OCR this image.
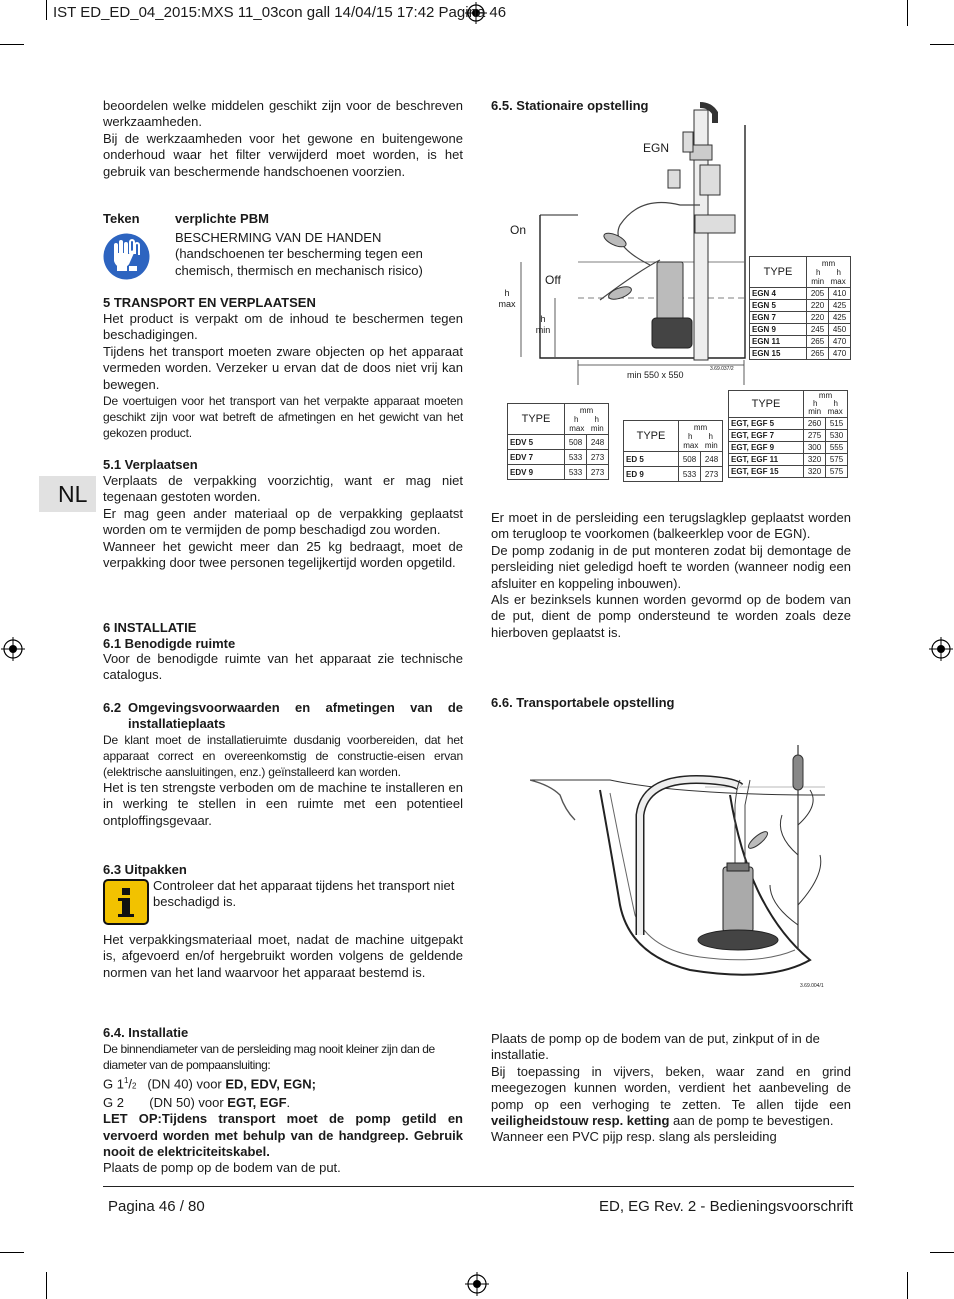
IST ED_ED_04_2015:MXS 11_03con gall 14/04/15 17:42 Pagina 46
NL

beoordelen welke middelen geschikt zijn voor de beschreven werkzaamheden.

Bij de werkzaamheden voor het gewone en buitengewone onderhoud waar het filter verwijderd moet worden, is het gebruik van beschermende handschoenen voorzien.

Teken	verplichte PBM

BESCHERMING VAN DE HANDEN

(handschoenen ter bescherming tegen een chemisch, thermisch en mechanisch risico)

5 TRANSPORT EN VERPLAATSEN

Het product is verpakt om de inhoud te beschermen tegen beschadigingen.

Tijdens het transport moeten zware objecten op het apparaat vermeden worden. Verzeker u ervan dat de doos niet vrij kan bewegen.

De voertuigen voor het transport van het verpakte apparaat moeten geschikt zijn voor wat betreft de afmetingen en het gewicht van het gekozen product.

5.1 Verplaatsen

Verplaats de verpakking voorzichtig, want er mag niet tegenaan gestoten worden.

Er mag geen ander materiaal op de verpakking geplaatst worden om te vermijden de pomp beschadigd zou worden.

Wanneer het gewicht meer dan 25 kg bedraagt, moet de verpakking door twee personen tegelijkertijd worden opgetild.

6 INSTALLATIE
6.1 Benodigde ruimte

Voor de benodigde ruimte van het apparaat zie technische catalogus.

6.2 Omgevingsvoorwaarden en afmetingen van de installatieplaats

De klant moet de installatieruimte dusdanig voorbereiden, dat het apparaat correct en overeenkomstig de constructie-eisen ervan (elektrische aansluitingen, enz.) geïnstalleerd kan worden.

Het is ten strengste verboden om de machine te installeren en in werking te stellen in een ruimte met een potentieel ontploffingsgevaar.

6.3 Uitpakken
Controleer dat het apparaat tijdens het transport niet beschadigd is.
Het verpakkingsmateriaal moet, nadat de machine uitgepakt is, afgevoerd en/of hergebruikt worden volgens de geldende normen van het land waarvoor het apparaat bestemd is.
6.4. Installatie

De binnendiameter van de persleiding mag nooit kleiner zijn dan de diameter van de pompaansluiting:

G $1^1/2$ (DN 40) voor ED, EDV, EGN;

G 2 (DN 50) voor EGT, EGF.

LET OP:Tijdens transport moet de pomp getild en vervoerd worden met behulp van de handgreep. Gebruik nooit de elektriciteitskabel.

Plaats de pomp op de bodem van de put.

6.5. Stationaire opstelling
EGN
On
Off
h
max
h
min
min 550 x 550
3.69.037/2
TYPE	mm
h h
min max	

EGN 4	205	410
EGN 5	220	425
EGN 7	220	425
EGN 9	245	450
EGN 11	265	470
EGN 15	265	470
TYPE	mm
h h
max min	

EDV 5	508	248
EDV 7	533	273
EDV 9	533	273
TYPE	mm
h h
max min	

ED 5	508	248
ED 9	533	273
TYPE	mm
h h
min max	

EGT, EGF 5	260	515
EGT, EGF 7	275	530
EGT, EGF 9	300	555
EGT, EGF 11	320	575
EGT, EGF 15	320	575

Er moet in de persleiding een terugslagklep geplaatst worden om terugloop te voorkomen (balkeerklep voor de EGN).

De pomp zodanig in de put monteren zodat bij demontage de persleiding niet geledigd hoeft te worden (wanneer nodig een afsluiter en koppeling inbouwen).

Als er bezinksels kunnen worden gevormd op de bodem van de put, dient de pomp ondersteund te worden zoals deze hierboven geplaatst is.

6.6. Transportabele opstelling
3.69.004/1

Plaats de pomp op de bodem van de put, zinkput of in de installatie.

Bij toepassing in vijvers, beken, waar zand en grind meegezogen kunnen worden, verdient het aanbeveling de pomp op een verhoging te zetten. Te allen tijde een veiligheidstouw resp. ketting aan de pomp te bevestigen.

Wanneer een PVC pijp resp. slang als persleiding

Pagina 46 / 80	ED, EG Rev. 2 - Bedieningsvoorschrift
